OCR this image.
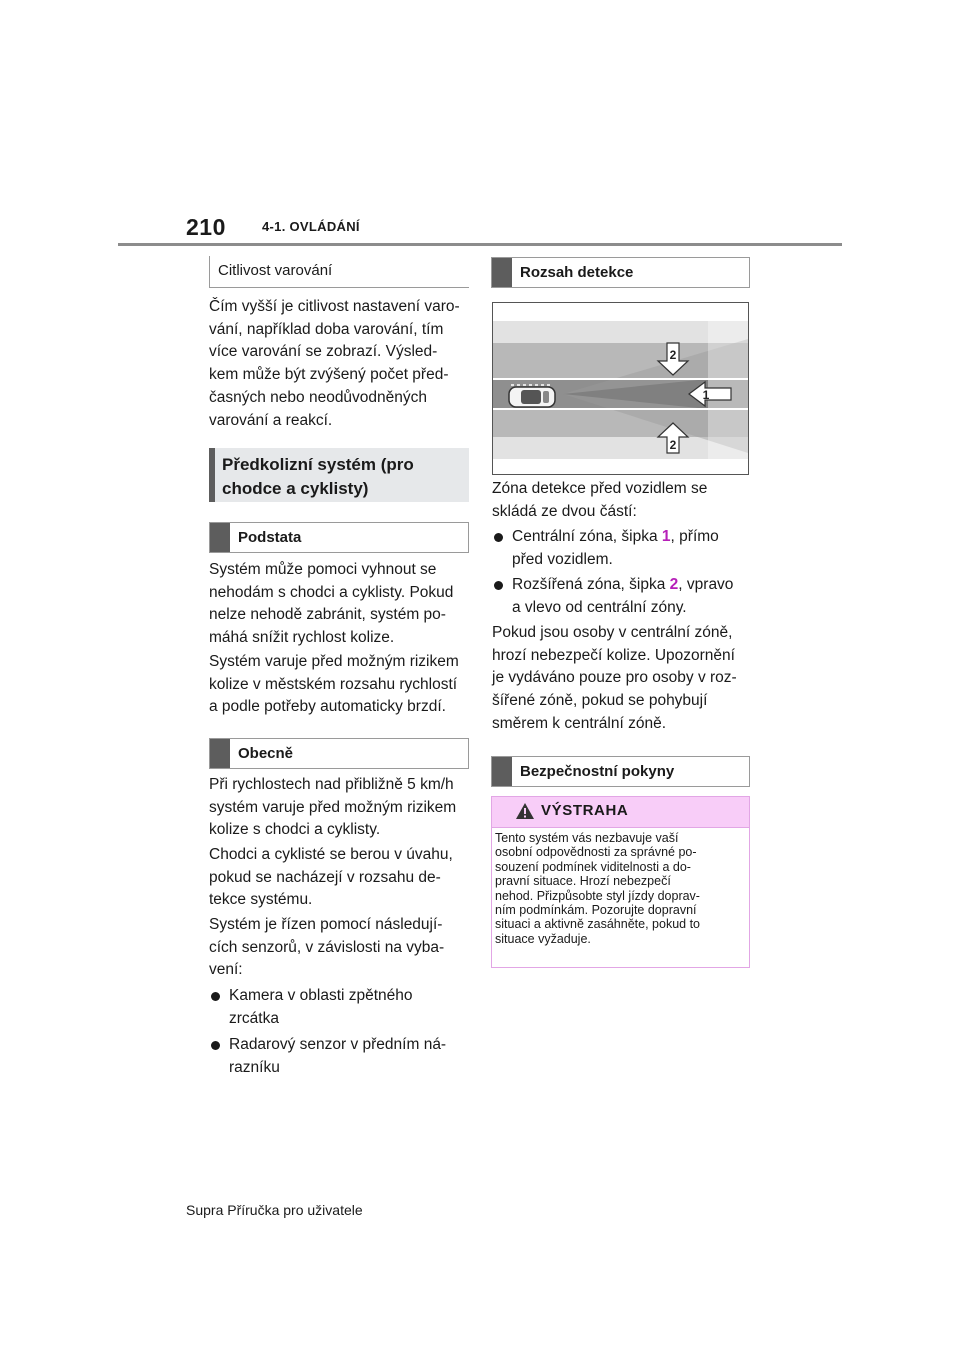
210	4-1. OVLÁDÁNÍ
Citlivost varování
Čím vyšší je citlivost nastavení varo-
vání, například doba varování, tím
více varování se zobrazí. Výsled-
kem může být zvýšený počet před-
časných nebo neodůvodněných
varování a reakcí.
Předkolizní systém (pro
chodce a cyklisty)
Podstata
Systém může pomoci vyhnout se
nehodám s chodci a cyklisty. Pokud
nelze nehodě zabránit, systém po-
máhá snížit rychlost kolize.
Systém varuje před možným rizikem
kolize v městském rozsahu rychlostí
a podle potřeby automaticky brzdí.
Obecně
Při rychlostech nad přibližně 5 km/h
systém varuje před možným rizikem
kolize s chodci a cyklisty.
Chodci a cyklisté se berou v úvahu,
pokud se nacházejí v rozsahu de-
tekce systému.
Systém je řízen pomocí následují-
cích senzorů, v závislosti na vyba-
vení:
Kamera v oblasti zpětného
zrcátka
Radarový senzor v předním ná-
razníku
Rozsah detekce
2
1
2
Zóna detekce před vozidlem se
skládá ze dvou částí:
Centrální zóna, šipka 1, přímo
před vozidlem.
Rozšířená zóna, šipka 2, vpravo
a vlevo od centrální zóny.
Pokud jsou osoby v centrální zóně,
hrozí nebezpečí kolize. Upozornění
je vydáváno pouze pro osoby v roz-
šířené zóně, pokud se pohybují
směrem k centrální zóně.
Bezpečnostní pokyny
VÝSTRAHA
Tento systém vás nezbavuje vaší
osobní odpovědnosti za správné po-
souzení podmínek viditelnosti a do-
pravní situace. Hrozí nebezpečí
nehod. Přizpůsobte styl jízdy doprav-
ním podmínkám. Pozorujte dopravní
situaci a aktivně zasáhněte, pokud to
situace vyžaduje.
Supra Příručka pro uživatele
